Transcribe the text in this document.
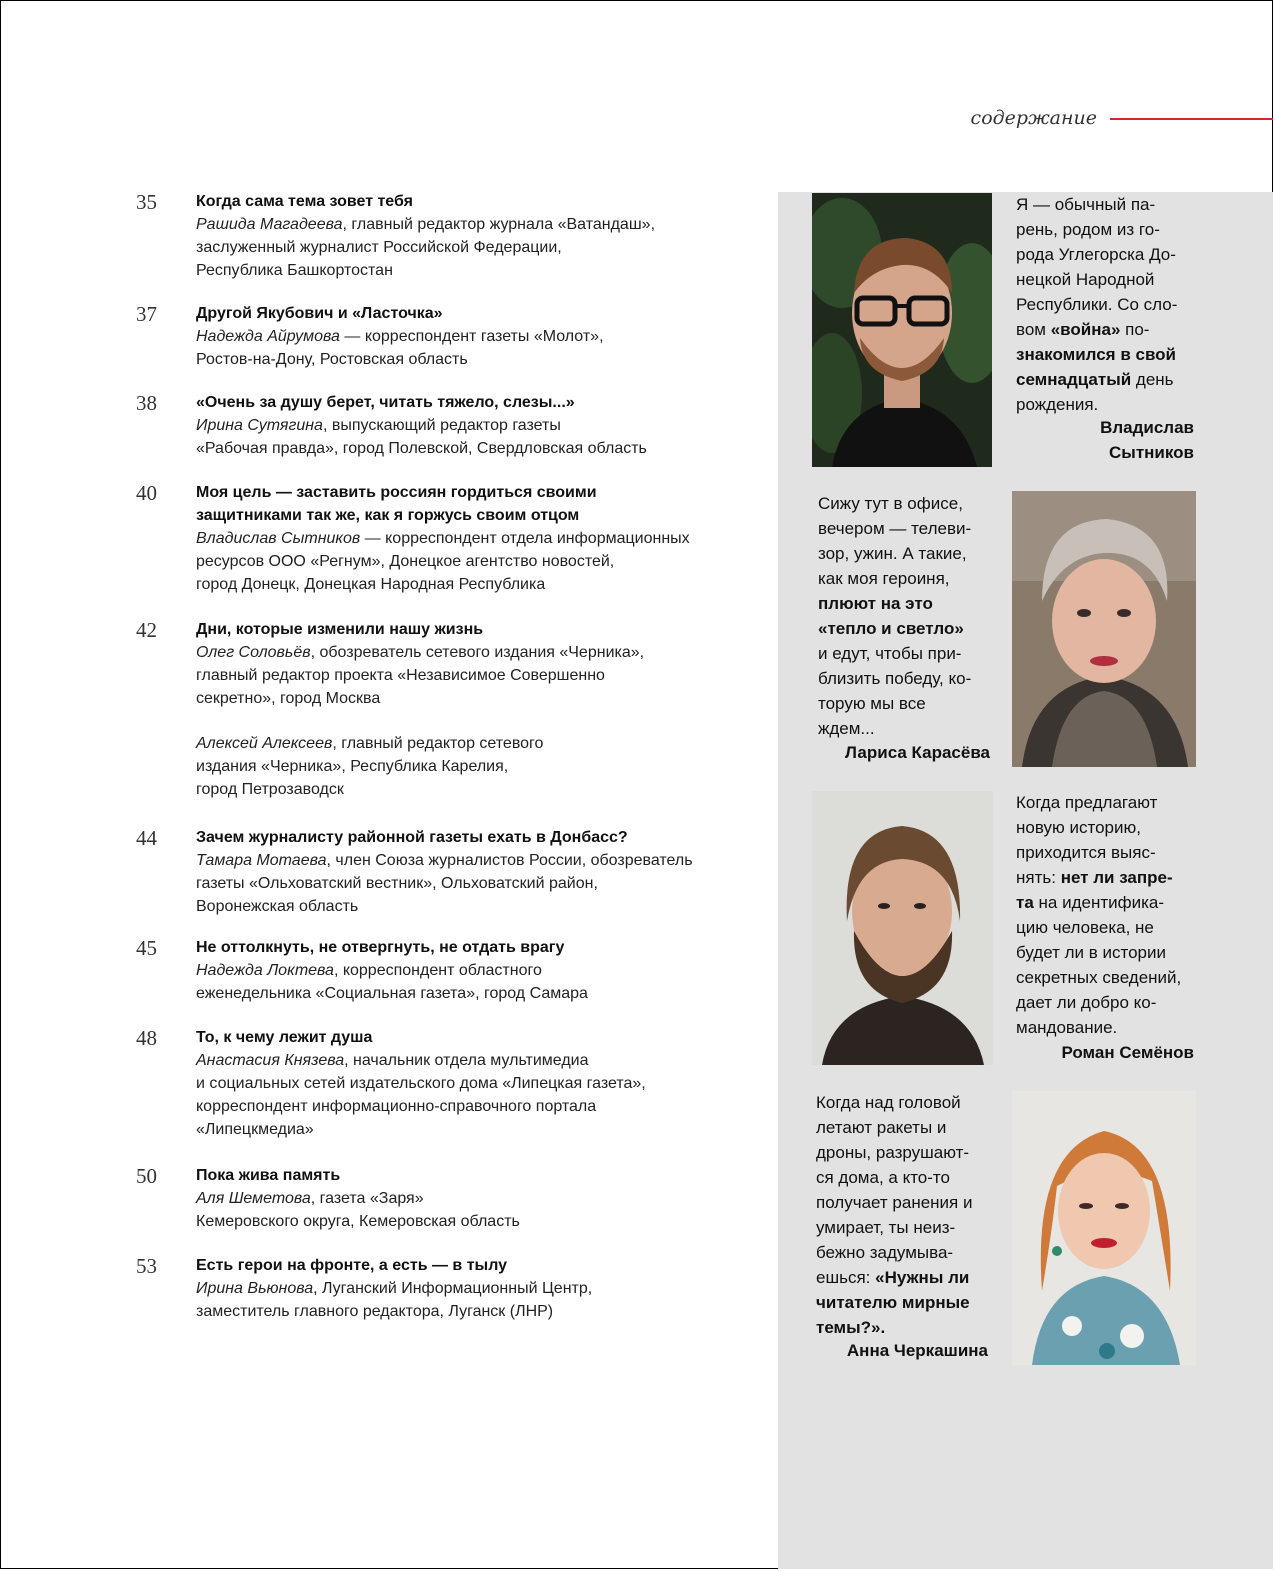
содержание
35 Когда сама тема зовет тебя
Рашида Магадеева, главный редактор журнала «Ватандаш»,
заслуженный журналист Российской Федерации,
Республика Башкортостан
37 Другой Якубович и «Ласточка»
Надежда Айрумова — корреспондент газеты «Молот»,
Ростов-на-Дону, Ростовская область
38 «Очень за душу берет, читать тяжело, слезы...»
Ирина Сутягина, выпускающий редактор газеты
«Рабочая правда», город Полевской, Свердловская область
40 Моя цель — заставить россиян гордиться своими
защитниками так же, как я горжусь своим отцом
Владислав Сытников — корреспондент отдела информационных
ресурсов ООО «Регнум», Донецкое агентство новостей,
город Донецк, Донецкая Народная Республика
42 Дни, которые изменили нашу жизнь
Олег Соловьёв, обозреватель сетевого издания «Черника»,
главный редактор проекта «Независимое Совершенно
секретно», город Москва
Алексей Алексеев, главный редактор сетевого
издания «Черника», Республика Карелия,
город Петрозаводск
44 Зачем журналисту районной газеты ехать в Донбасс?
Тамара Мотаева, член Союза журналистов России, обозреватель
газеты «Ольховатский вестник», Ольховатский район,
Воронежская область
45 Не оттолкнуть, не отвергнуть, не отдать врагу
Надежда Локтева, корреспондент областного
еженедельника «Социальная газета», город Самара
48 То, к чему лежит душа
Анастасия Князева, начальник отдела мультимедиа
и социальных сетей издательского дома «Липецкая газета»,
корреспондент информационно-справочного портала
«Липецкмедиа»
50 Пока жива память
Аля Шеметова, газета «Заря»
Кемеровского округа, Кемеровская область
53 Есть герои на фронте, а есть — в тылу
Ирина Вьюнова, Луганский Информационный Центр,
заместитель главного редактора, Луганск (ЛНР)
Я — обычный па-
рень, родом из го-
рода Углегорска До-
нецкой Народной
Республики. Со сло-
вом «война» по-
знакомился в свой
семнадцатый день
рождения.
Владислав
Сытников
Сижу тут в офисе,
вечером — телеви-
зор, ужин. А такие,
как моя героиня,
плюют на это
«тепло и светло»
и едут, чтобы при-
близить победу, ко-
торую мы все
ждем...
Лариса Карасёва
Когда предлагают
новую историю,
приходится выяс-
нять: нет ли запре-
та на идентифика-
цию человека, не
будет ли в истории
секретных сведений,
дает ли добро ко-
мандование.
Роман Семёнов
Когда над головой
летают ракеты и
дроны, разрушают-
ся дома, а кто-то
получает ранения и
умирает, ты неиз-
бежно задумыва-
ешься: «Нужны ли
читателю мирные
темы?».
Анна Черкашина
